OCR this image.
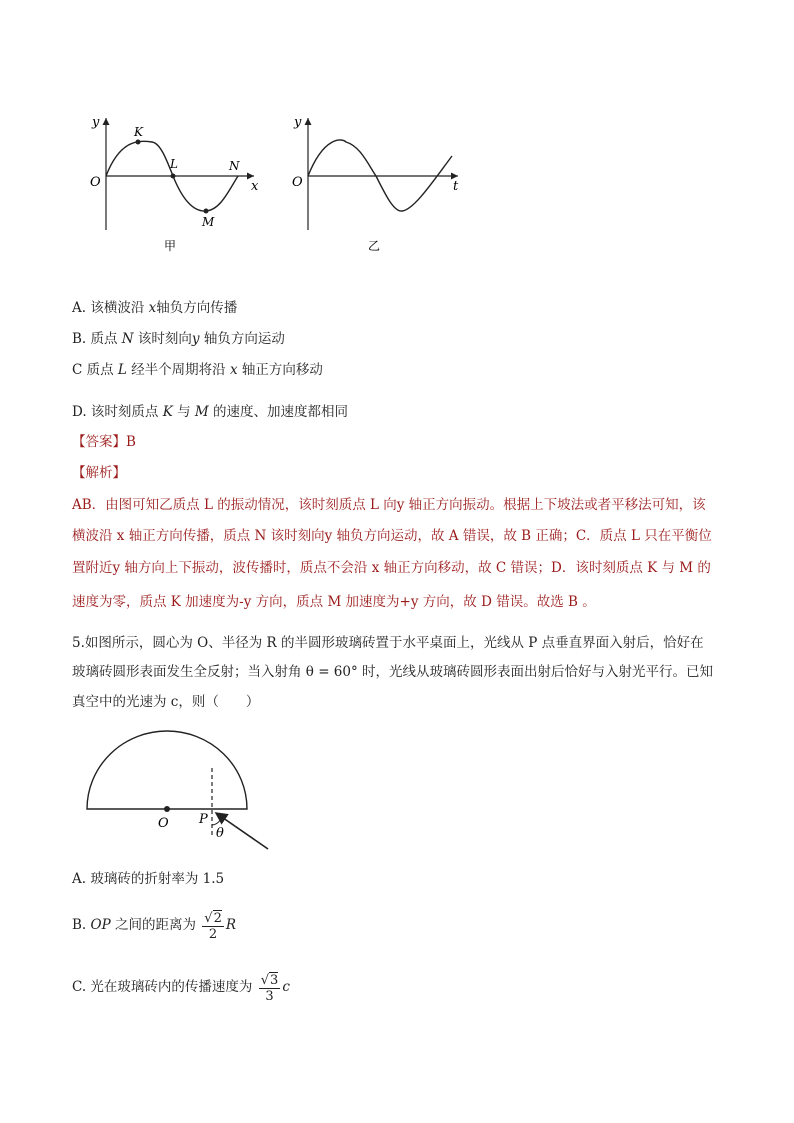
y
x
O
K
L	N
M
甲
y
t
O
乙
A. 该横波沿 x轴负方向传播
B. 质点 N 该时刻向y 轴负方向运动
C 质点 L 经半个周期将沿 x 轴正方向移动
D. 该时刻质点 K 与 M 的速度、加速度都相同
【答案】B
【解析】
AB．由图可知乙质点 L 的振动情况，该时刻质点 L 向y 轴正方向振动。根据上下坡法或者平移法可知，该
横波沿 x 轴正方向传播，质点 N 该时刻向y 轴负方向运动，故 A 错误，故 B 正确；C．质点 L 只在平衡位
置附近y 轴方向上下振动，波传播时，质点不会沿 x 轴正方向移动，故 C 错误；D．该时刻质点 K 与 M 的
速度为零，质点 K 加速度为-y 方向，质点 M 加速度为+y 方向，故 D 错误。故选 B 。
5.如图所示，圆心为 O、半径为 R 的半圆形玻璃砖置于水平桌面上，光线从 P 点垂直界面入射后，恰好在
玻璃砖圆形表面发生全反射；当入射角 θ = 60° 时，光线从玻璃砖圆形表面出射后恰好与入射光平行。已知
真空中的光速为 c，则（　　）
O P
θ
A. 玻璃砖的折射率为 1.5
B. OP 之间的距离为 $\frac{√2}{2}$ R
C. 光在玻璃砖内的传播速度为 $\frac{√3}{3}$ c
